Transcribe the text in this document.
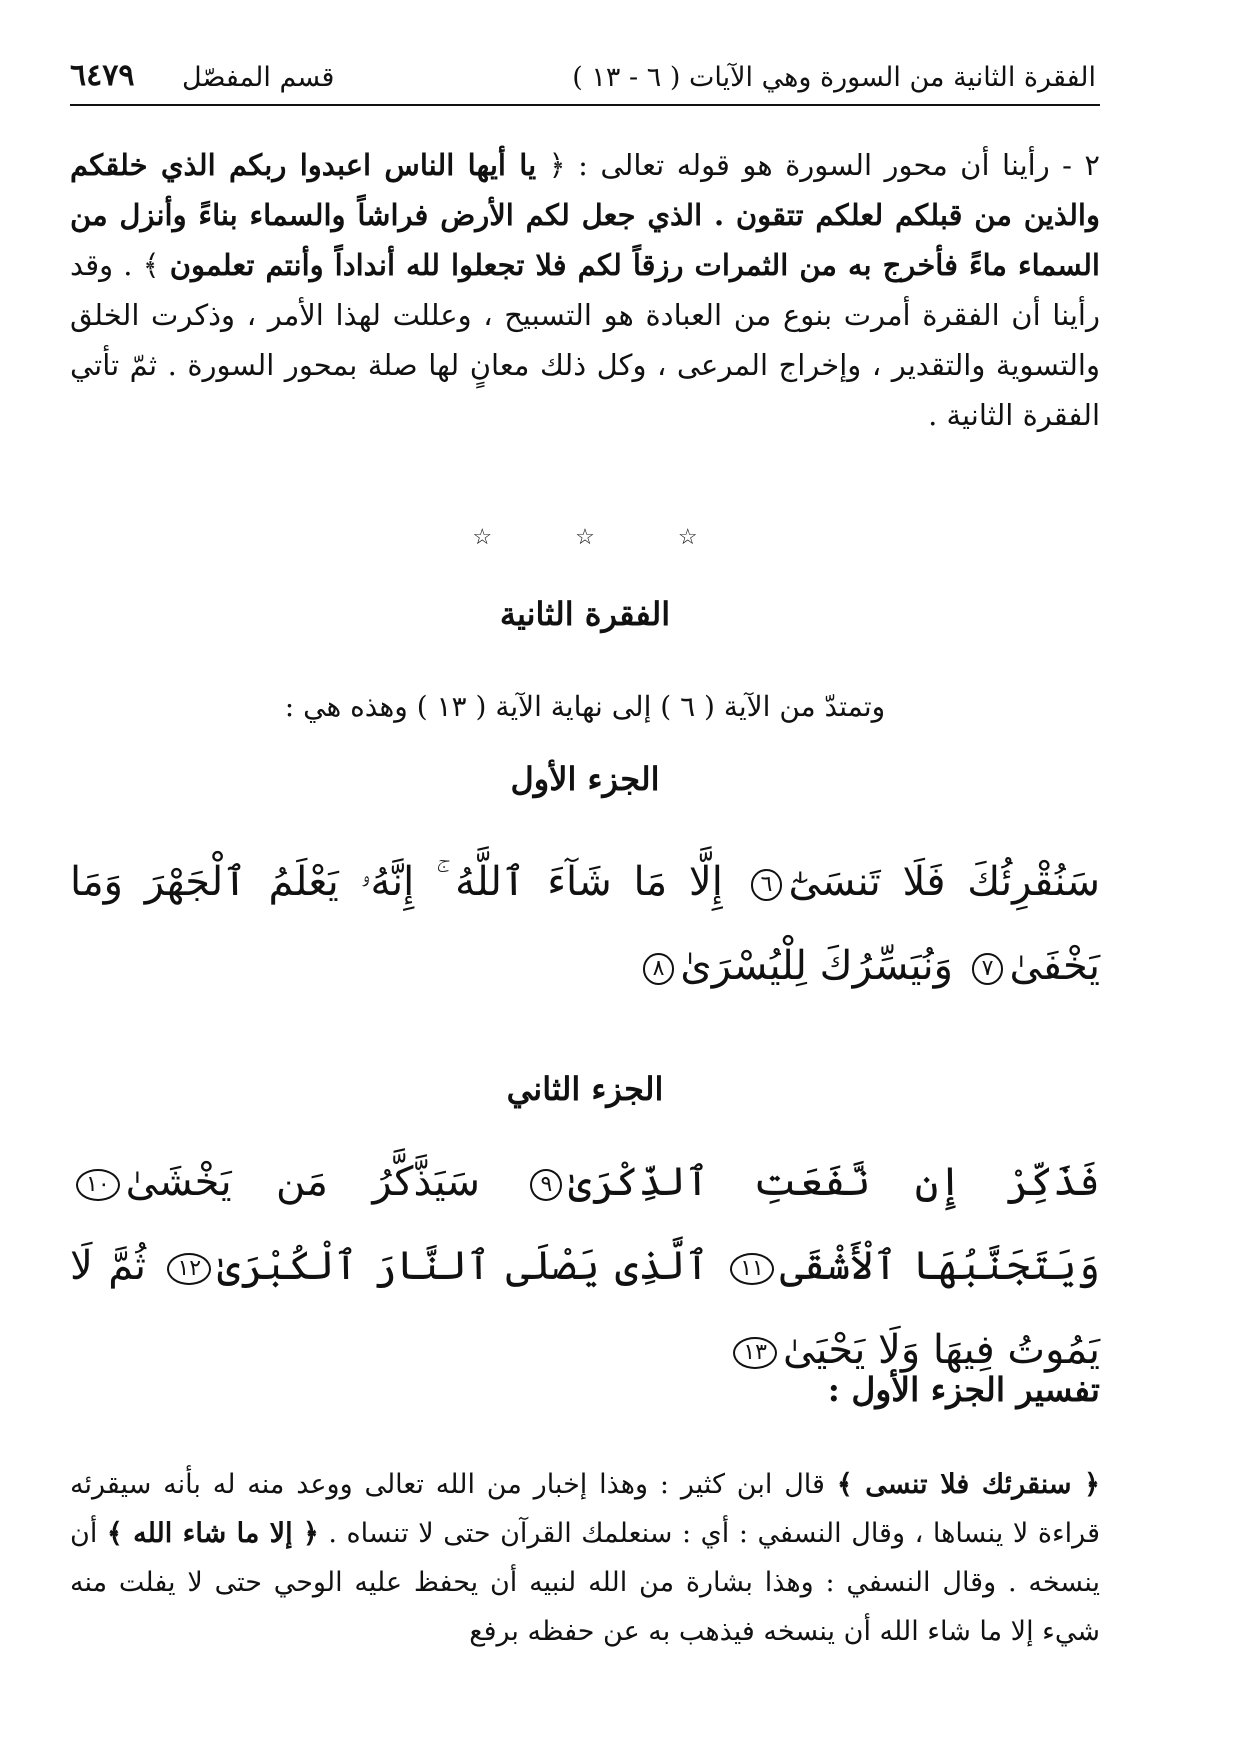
الفقرة الثانية من السورة وهي الآيات ( ٦ - ١٣ )
قسم المفصّل
٦٤٧٩
٢ - رأينا أن محور السورة هو قوله تعالى : ﴿ يا أيها الناس اعبدوا ربكم الذي خلقكم والذين من قبلكم لعلكم تتقون . الذي جعل لكم الأرض فراشاً والسماء بناءً وأنزل من السماء ماءً فأخرج به من الثمرات رزقاً لكم فلا تجعلوا لله أنداداً وأنتم تعلمون ﴾ . وقد رأينا أن الفقرة أمرت بنوع من العبادة هو التسبيح ، وعللت لهذا الأمر ، وذكرت الخلق والتسوية والتقدير ، وإخراج المرعى ، وكل ذلك معانٍ لها صلة بمحور السورة . ثمّ تأتي الفقرة الثانية .
☆ ☆ ☆
الفقرة الثانية
وتمتدّ من الآية ( ٦ ) إلى نهاية الآية ( ١٣ ) وهذه هي :
الجزء الأول
سَنُقْرِئُكَ فَلَا تَنسَىٰٓ٦ إِلَّا مَا شَآءَ ٱللَّهُ ۚ إِنَّهُۥ يَعْلَمُ ٱلْجَهْرَ وَمَا يَخْفَىٰ٧ وَنُيَسِّرُكَ لِلْيُسْرَىٰ٨
الجزء الثاني
فَذَكِّرْ إِن نَّفَعَتِ ٱلذِّكْرَىٰ٩ سَيَذَّكَّرُ مَن يَخْشَىٰ١٠ وَيَتَجَنَّبُهَا ٱلْأَشْقَى١١ ٱلَّذِى يَصْلَى ٱلنَّارَ ٱلْكُبْرَىٰ١٢ ثُمَّ لَا يَمُوتُ فِيهَا وَلَا يَحْيَىٰ١٣
تفسير الجزء الأول :
﴿ سنقرئك فلا تنسى ﴾ قال ابن كثير : وهذا إخبار من الله تعالى ووعد منه له بأنه سيقرئه قراءة لا ينساها ، وقال النسفي : أي : سنعلمك القرآن حتى لا تنساه . ﴿ إلا ما شاء الله ﴾ أن ينسخه . وقال النسفي : وهذا بشارة من الله لنبيه أن يحفظ عليه الوحي حتى لا يفلت منه شيء إلا ما شاء الله أن ينسخه فيذهب به عن حفظه برفع
